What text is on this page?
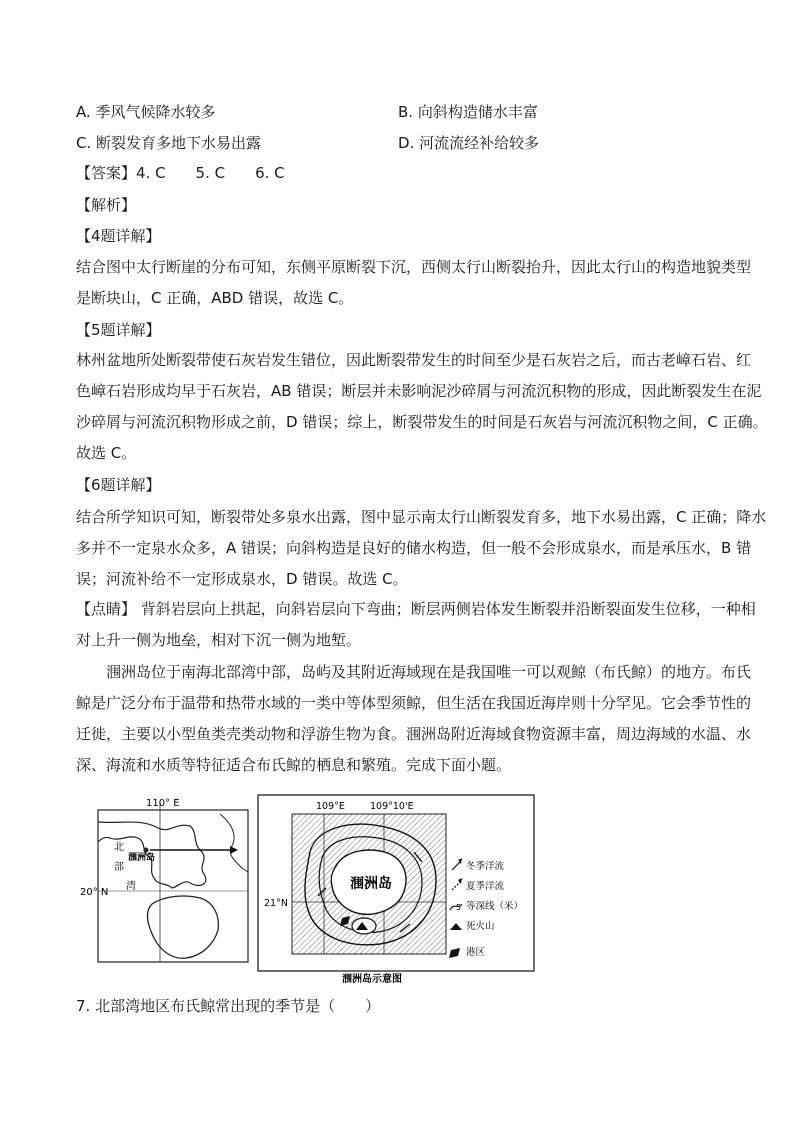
A. 季风气候降水较多	B. 向斜构造储水丰富
C. 断裂发育多地下水易出露	D. 河流流经补给较多
【答案】4. C　　5. C　　6. C
【解析】
【4题详解】
结合图中太行断崖的分布可知，东侧平原断裂下沉，西侧太行山断裂抬升，因此太行山的构造地貌类型
是断块山，C 正确，ABD 错误，故选 C。
【5题详解】
林州盆地所处断裂带使石灰岩发生错位，因此断裂带发生的时间至少是石灰岩之后，而古老嶂石岩、红
色嶂石岩形成均早于石灰岩，AB 错误；断层并未影响泥沙碎屑与河流沉积物的形成，因此断裂发生在泥
沙碎屑与河流沉积物形成之前，D 错误；综上，断裂带发生的时间是石灰岩与河流沉积物之间，C 正确。
故选 C。
【6题详解】
结合所学知识可知，断裂带处多泉水出露，图中显示南太行山断裂发育多，地下水易出露，C 正确；降水
多并不一定泉水众多，A 错误；向斜构造是良好的储水构造，但一般不会形成泉水，而是承压水，B 错
误；河流补给不一定形成泉水，D 错误。故选 C。
【点睛】 背斜岩层向上拱起，向斜岩层向下弯曲；断层两侧岩体发生断裂并沿断裂面发生位移，一种相
对上升一侧为地垒，相对下沉一侧为地堑。
　　涠洲岛位于南海北部湾中部，岛屿及其附近海域现在是我国唯一可以观鲸（布氏鲸）的地方。布氏
鲸是广泛分布于温带和热带水域的一类中等体型须鲸，但生活在我国近海岸则十分罕见。它会季节性的
迁徙，主要以小型鱼类壳类动物和浮游生物为食。涠洲岛附近海域食物资源丰富，周边海域的水温、水
深、海流和水质等特征适合布氏鲸的栖息和繁殖。完成下面小题。
110° E
20° N
北
部
湾
涠洲岛
109°E	109°10'E
21°N
涠洲岛
冬季洋流
夏季洋流
5 等深线（米）
死火山
港区
涠洲岛示意图
7. 北部湾地区布氏鲸常出现的季节是（　　）
